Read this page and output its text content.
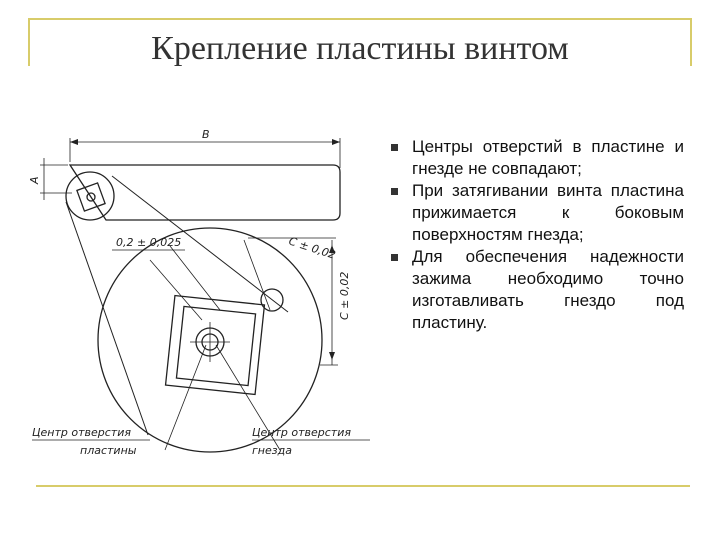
Крепление пластины винтом
B
A
0,2 ± 0,025	C ± 0,02
C ± 0,02
Центр отверстия
пластины
Центр отверстия
гнезда
Центры отверстий в пластине и гнезде не совпадают;
При затягивании винта пластина прижимается к боковым поверхностям гнезда;
Для обеспечения надежности зажима необходимо точно изготавливать гнездо под пластину.
